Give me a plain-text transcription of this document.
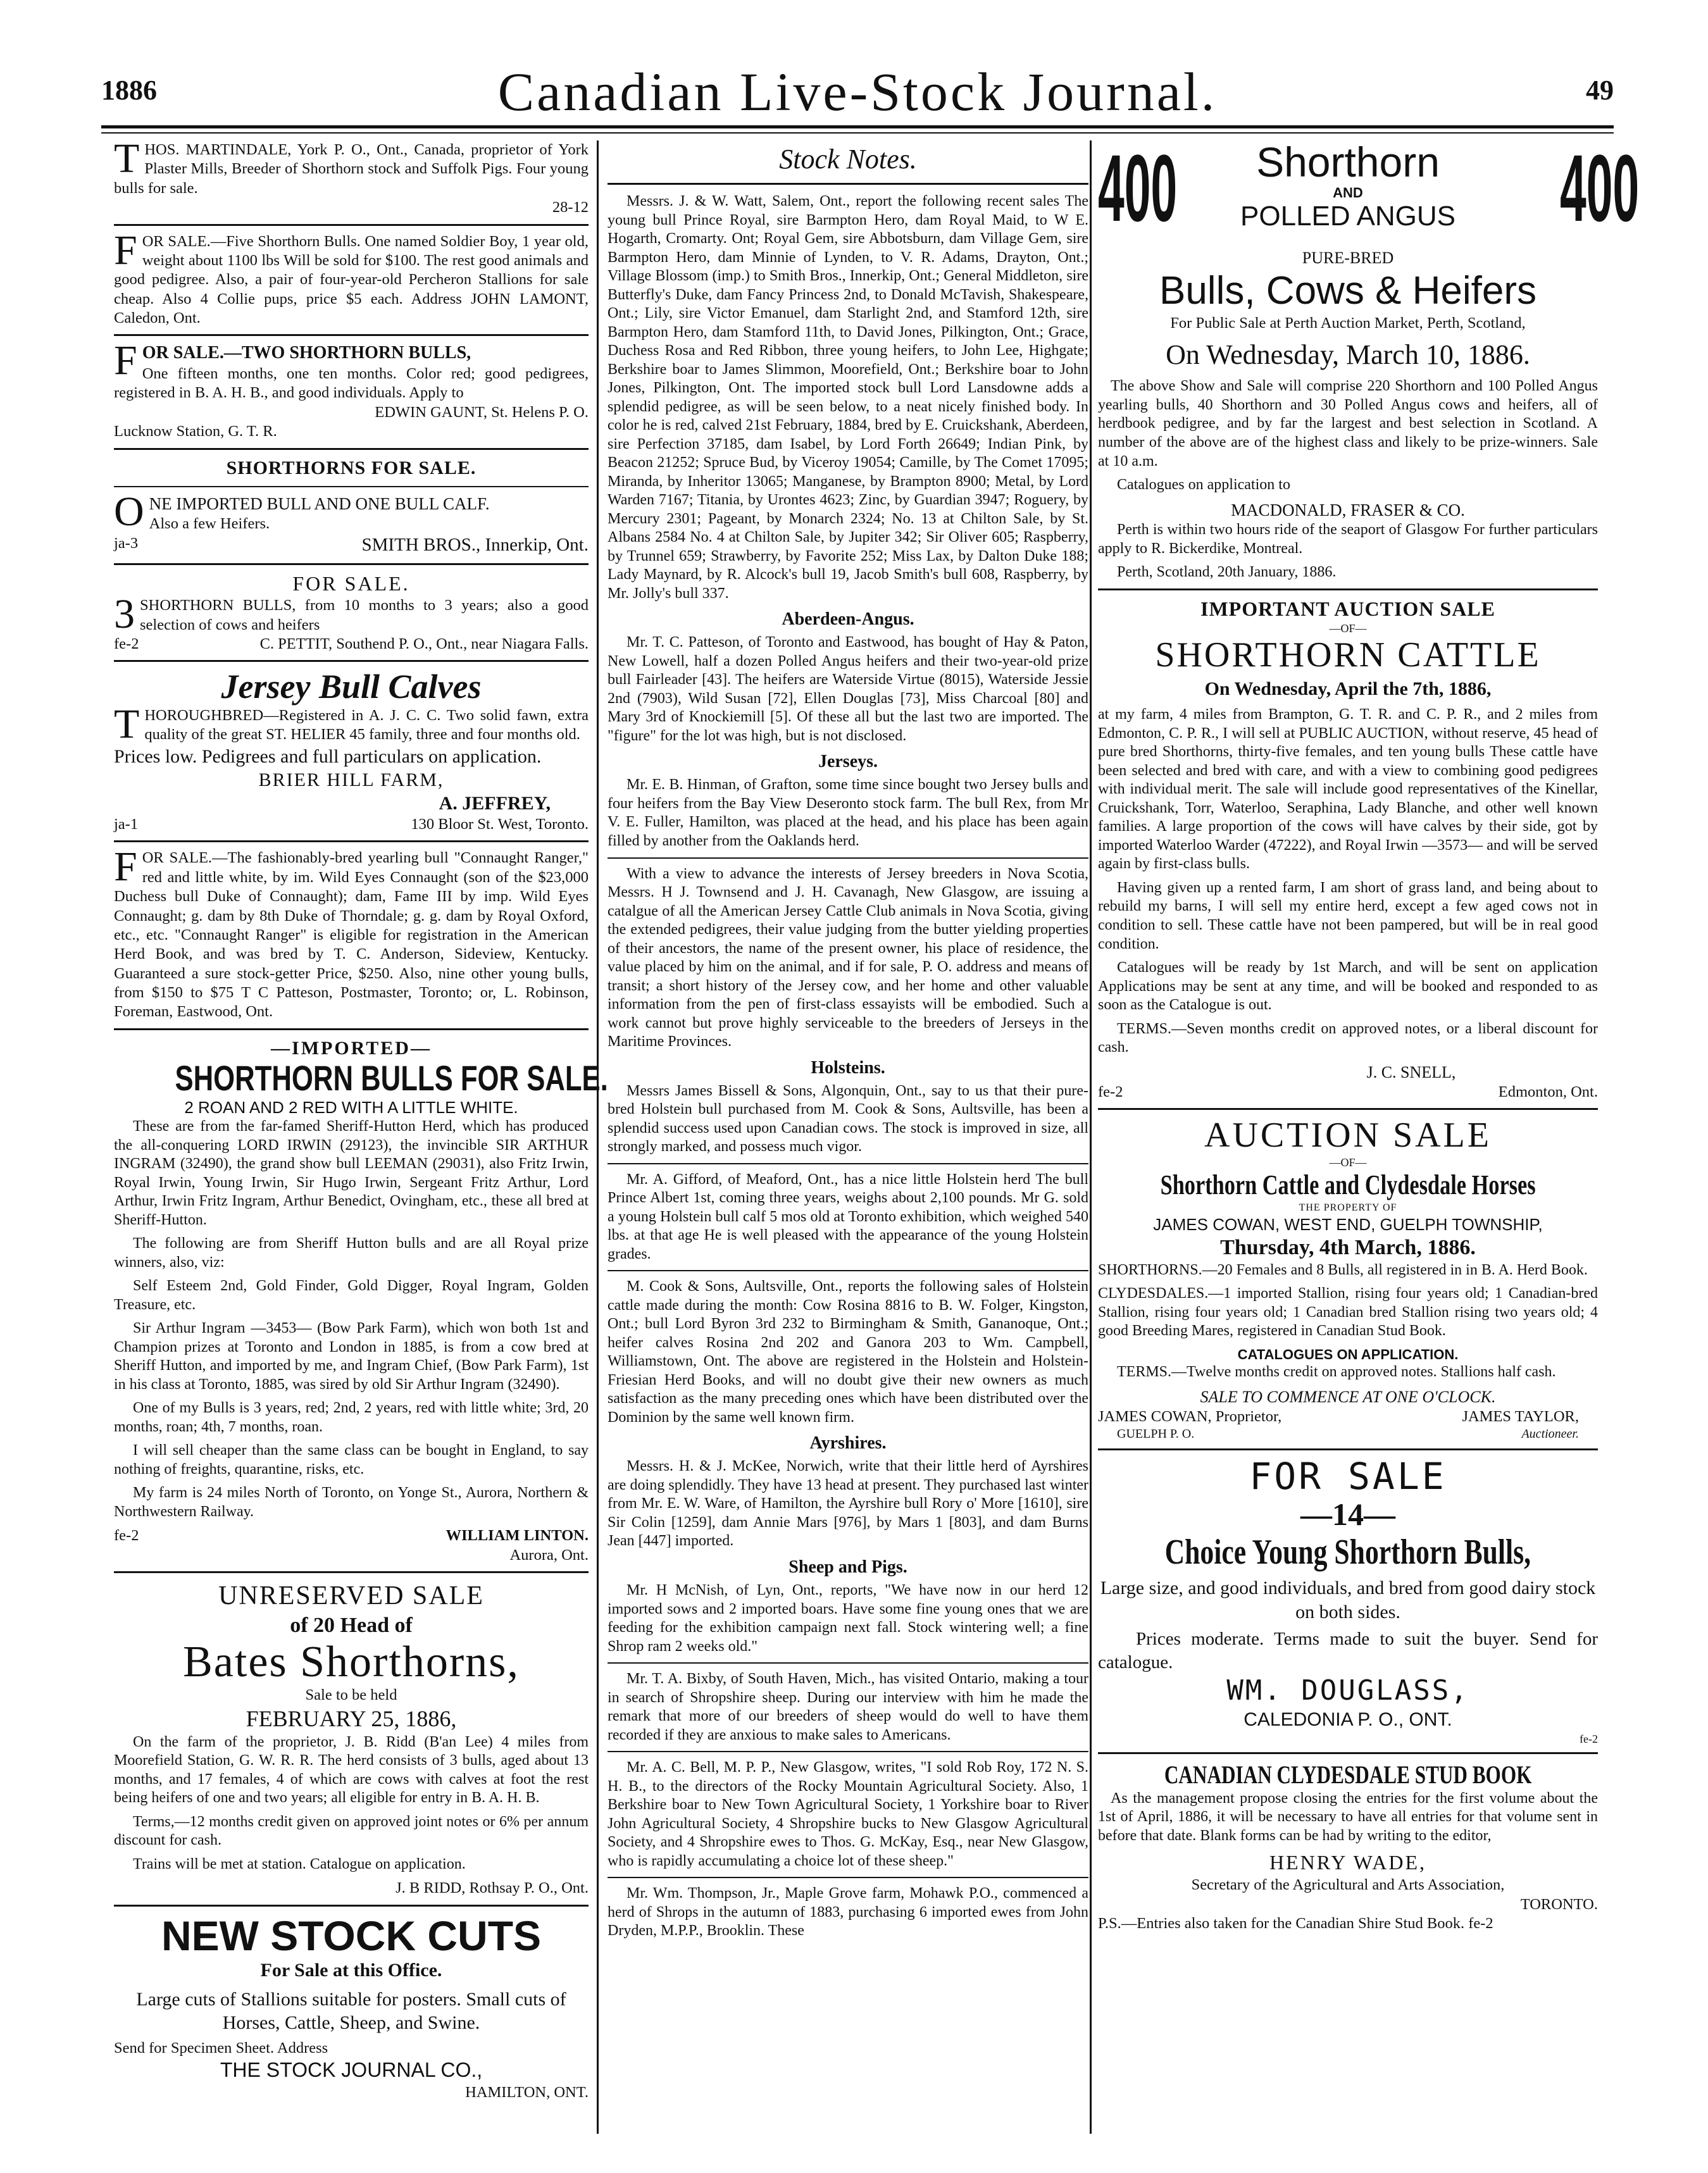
1886	Canadian Live-Stock Journal.	49
THOS. MARTINDALE, York P. O., Ont., Canada, proprietor of York Plaster Mills, Breeder of Shorthorn stock and Suffolk Pigs. Four young bulls for sale.
28-12
FOR SALE.—Five Shorthorn Bulls. One named Soldier Boy, 1 year old, weight about 1100 lbs Will be sold for $100. The rest good animals and good pedigree. Also, a pair of four-year-old Percheron Stallions for sale cheap. Also 4 Collie pups, price $5 each. Address JOHN LAMONT, Caledon, Ont.
FOR SALE.—TWO SHORTHORN BULLS,
One fifteen months, one ten months. Color red; good pedigrees, registered in B. A. H. B., and good individuals. Apply to
EDWIN GAUNT, St. Helens P. O.
Lucknow Station, G. T. R.
SHORTHORNS FOR SALE.
O NE IMPORTED BULL AND ONE BULL CALF.
Also a few Heifers.
ja-3	SMITH BROS., Innerkip, Ont.
FOR SALE.
3 SHORTHORN BULLS, from 10 months to 3 years; also a good selection of cows and heifers
fe-2	C. PETTIT, Southend P. O., Ont., near Niagara Falls.
Jersey Bull Calves
T HOROUGHBRED—Registered in A. J. C. C. Two solid fawn, extra quality of the great ST. HELIER 45 family, three and four months old.
Prices low. Pedigrees and full particulars on application.
BRIER HILL FARM,
A. JEFFREY,
ja-1	130 Bloor St. West, Toronto.
FOR SALE.—The fashionably-bred yearling bull "Connaught Ranger," red and little white, by im. Wild Eyes Connaught (son of the $23,000 Duchess bull Duke of Connaught); dam, Fame III by imp. Wild Eyes Connaught; g. dam by 8th Duke of Thorndale; g. g. dam by Royal Oxford, etc., etc. "Connaught Ranger" is eligible for registration in the American Herd Book, and was bred by T. C. Anderson, Sideview, Kentucky. Guaranteed a sure stock-getter Price, $250. Also, nine other young bulls, from $150 to $75 T C Patteson, Postmaster, Toronto; or, L. Robinson, Foreman, Eastwood, Ont.
—IMPORTED—
SHORTHORN BULLS FOR SALE.
2 ROAN AND 2 RED WITH A LITTLE WHITE.
These are from the far-famed Sheriff-Hutton Herd, which has produced the all-conquering LORD IRWIN (29123), the invincible SIR ARTHUR INGRAM (32490), the grand show bull LEEMAN (29031), also Fritz Irwin, Royal Irwin, Young Irwin, Sir Hugo Irwin, Sergeant Fritz Arthur, Lord Arthur, Irwin Fritz Ingram, Arthur Benedict, Ovingham, etc., these all bred at Sheriff-Hutton.
The following are from Sheriff Hutton bulls and are all Royal prize winners, also, viz:
Self Esteem 2nd, Gold Finder, Gold Digger, Royal Ingram, Golden Treasure, etc.
Sir Arthur Ingram —3453— (Bow Park Farm), which won both 1st and Champion prizes at Toronto and London in 1885, is from a cow bred at Sheriff Hutton, and imported by me, and Ingram Chief, (Bow Park Farm), 1st in his class at Toronto, 1885, was sired by old Sir Arthur Ingram (32490).
One of my Bulls is 3 years, red; 2nd, 2 years, red with little white; 3rd, 20 months, roan; 4th, 7 months, roan.
I will sell cheaper than the same class can be bought in England, to say nothing of freights, quarantine, risks, etc.
My farm is 24 miles North of Toronto, on Yonge St., Aurora, Northern & Northwestern Railway.
fe-2	WILLIAM LINTON.
Aurora, Ont.
UNRESERVED SALE
of 20 Head of
Bates Shorthorns,
Sale to be held
FEBRUARY 25, 1886,
On the farm of the proprietor, J. B. Ridd (B'an Lee) 4 miles from Moorefield Station, G. W. R. R. The herd consists of 3 bulls, aged about 13 months, and 17 females, 4 of which are cows with calves at foot the rest being heifers of one and two years; all eligible for entry in B. A. H. B.
Terms,—12 months credit given on approved joint notes or 6% per annum discount for cash.
Trains will be met at station. Catalogue on application.
J. B RIDD, Rothsay P. O., Ont.
NEW STOCK CUTS
For Sale at this Office.
Large cuts of Stallions suitable for posters. Small cuts of Horses, Cattle, Sheep, and Swine.
Send for Specimen Sheet. Address
THE STOCK JOURNAL CO.,
HAMILTON, ONT.
Stock Notes.
Messrs. J. & W. Watt, Salem, Ont., report the following recent sales The young bull Prince Royal, sire Barmpton Hero, dam Royal Maid, to W E. Hogarth, Cromarty. Ont; Royal Gem, sire Abbotsburn, dam Village Gem, sire Barmpton Hero, dam Minnie of Lynden, to V. R. Adams, Drayton, Ont.; Village Blossom (imp.) to Smith Bros., Innerkip, Ont.; General Middleton, sire Butterfly's Duke, dam Fancy Princess 2nd, to Donald McTavish, Shakespeare, Ont.; Lily, sire Victor Emanuel, dam Starlight 2nd, and Stamford 12th, sire Barmpton Hero, dam Stamford 11th, to David Jones, Pilkington, Ont.; Grace, Duchess Rosa and Red Ribbon, three young heifers, to John Lee, Highgate; Berkshire boar to James Slimmon, Moorefield, Ont.; Berkshire boar to John Jones, Pilkington, Ont. The imported stock bull Lord Lansdowne adds a splendid pedigree, as will be seen below, to a neat nicely finished body. In color he is red, calved 21st February, 1884, bred by E. Cruickshank, Aberdeen, sire Perfection 37185, dam Isabel, by Lord Forth 26649; Indian Pink, by Beacon 21252; Spruce Bud, by Viceroy 19054; Camille, by The Comet 17095; Miranda, by Inheritor 13065; Manganese, by Brampton 8900; Metal, by Lord Warden 7167; Titania, by Urontes 4623; Zinc, by Guardian 3947; Roguery, by Mercury 2301; Pageant, by Monarch 2324; No. 13 at Chilton Sale, by St. Albans 2584 No. 4 at Chilton Sale, by Jupiter 342; Sir Oliver 605; Raspberry, by Trunnel 659; Strawberry, by Favorite 252; Miss Lax, by Dalton Duke 188; Lady Maynard, by R. Alcock's bull 19, Jacob Smith's bull 608, Raspberry, by Mr. Jolly's bull 337.
Aberdeen-Angus.
Mr. T. C. Patteson, of Toronto and Eastwood, has bought of Hay & Paton, New Lowell, half a dozen Polled Angus heifers and their two-year-old prize bull Fairleader [43]. The heifers are Waterside Virtue (8015), Waterside Jessie 2nd (7903), Wild Susan [72], Ellen Douglas [73], Miss Charcoal [80] and Mary 3rd of Knockiemill [5]. Of these all but the last two are imported. The "figure" for the lot was high, but is not disclosed.
Jerseys.
Mr. E. B. Hinman, of Grafton, some time since bought two Jersey bulls and four heifers from the Bay View Deseronto stock farm. The bull Rex, from Mr V. E. Fuller, Hamilton, was placed at the head, and his place has been again filled by another from the Oaklands herd.
With a view to advance the interests of Jersey breeders in Nova Scotia, Messrs. H J. Townsend and J. H. Cavanagh, New Glasgow, are issuing a catalgue of all the American Jersey Cattle Club animals in Nova Scotia, giving the extended pedigrees, their value judging from the butter yielding properties of their ancestors, the name of the present owner, his place of residence, the value placed by him on the animal, and if for sale, P. O. address and means of transit; a short history of the Jersey cow, and her home and other valuable information from the pen of first-class essayists will be embodied. Such a work cannot but prove highly serviceable to the breeders of Jerseys in the Maritime Provinces.
Holsteins.
Messrs James Bissell & Sons, Algonquin, Ont., say to us that their pure-bred Holstein bull purchased from M. Cook & Sons, Aultsville, has been a splendid success used upon Canadian cows. The stock is improved in size, all strongly marked, and possess much vigor.
Mr. A. Gifford, of Meaford, Ont., has a nice little Holstein herd The bull Prince Albert 1st, coming three years, weighs about 2,100 pounds. Mr G. sold a young Holstein bull calf 5 mos old at Toronto exhibition, which weighed 540 lbs. at that age He is well pleased with the appearance of the young Holstein grades.
M. Cook & Sons, Aultsville, Ont., reports the following sales of Holstein cattle made during the month: Cow Rosina 8816 to B. W. Folger, Kingston, Ont.; bull Lord Byron 3rd 232 to Birmingham & Smith, Gananoque, Ont.; heifer calves Rosina 2nd 202 and Ganora 203 to Wm. Campbell, Williamstown, Ont. The above are registered in the Holstein and Holstein-Friesian Herd Books, and will no doubt give their new owners as much satisfaction as the many preceding ones which have been distributed over the Dominion by the same well known firm.
Ayrshires.
Messrs. H. & J. McKee, Norwich, write that their little herd of Ayrshires are doing splendidly. They have 13 head at present. They purchased last winter from Mr. E. W. Ware, of Hamilton, the Ayrshire bull Rory o' More [1610], sire Sir Colin [1259], dam Annie Mars [976], by Mars 1 [803], and dam Burns Jean [447] imported.
Sheep and Pigs.
Mr. H McNish, of Lyn, Ont., reports, "We have now in our herd 12 imported sows and 2 imported boars. Have some fine young ones that we are feeding for the exhibition campaign next fall. Stock wintering well; a fine Shrop ram 2 weeks old."
Mr. T. A. Bixby, of South Haven, Mich., has visited Ontario, making a tour in search of Shropshire sheep. During our interview with him he made the remark that more of our breeders of sheep would do well to have them recorded if they are anxious to make sales to Americans.
Mr. A. C. Bell, M. P. P., New Glasgow, writes, "I sold Rob Roy, 172 N. S. H. B., to the directors of the Rocky Mountain Agricultural Society. Also, 1 Berkshire boar to New Town Agricultural Society, 1 Yorkshire boar to River John Agricultural Society, 4 Shropshire bucks to New Glasgow Agricultural Society, and 4 Shropshire ewes to Thos. G. McKay, Esq., near New Glasgow, who is rapidly accumulating a choice lot of these sheep."
Mr. Wm. Thompson, Jr., Maple Grove farm, Mohawk P.O., commenced a herd of Shrops in the autumn of 1883, purchasing 6 imported ewes from John Dryden, M.P.P., Brooklin. These
400	Shorthorn
AND
POLLED ANGUS	400
PURE-BRED
Bulls, Cows & Heifers
For Public Sale at Perth Auction Market, Perth, Scotland,
On Wednesday, March 10, 1886.
The above Show and Sale will comprise 220 Shorthorn and 100 Polled Angus yearling bulls, 40 Shorthorn and 30 Polled Angus cows and heifers, all of herdbook pedigree, and by far the largest and best selection in Scotland. A number of the above are of the highest class and likely to be prize-winners. Sale at 10 a.m.
Catalogues on application to
MACDONALD, FRASER & CO.
Perth is within two hours ride of the seaport of Glasgow For further particulars apply to R. Bickerdike, Montreal.
Perth, Scotland, 20th January, 1886.
IMPORTANT AUCTION SALE
—OF—
SHORTHORN CATTLE
On Wednesday, April the 7th, 1886,
at my farm, 4 miles from Brampton, G. T. R. and C. P. R., and 2 miles from Edmonton, C. P. R., I will sell at PUBLIC AUCTION, without reserve, 45 head of pure bred Shorthorns, thirty-five females, and ten young bulls These cattle have been selected and bred with care, and with a view to combining good pedigrees with individual merit. The sale will include good representatives of the Kinellar, Cruickshank, Torr, Waterloo, Seraphina, Lady Blanche, and other well known families. A large proportion of the cows will have calves by their side, got by imported Waterloo Warder (47222), and Royal Irwin —3573— and will be served again by first-class bulls.
Having given up a rented farm, I am short of grass land, and being about to rebuild my barns, I will sell my entire herd, except a few aged cows not in condition to sell. These cattle have not been pampered, but will be in real good condition.
Catalogues will be ready by 1st March, and will be sent on application Applications may be sent at any time, and will be booked and responded to as soon as the Catalogue is out.
TERMS.—Seven months credit on approved notes, or a liberal discount for cash.
J. C. SNELL,
fe-2	Edmonton, Ont.
AUCTION SALE
—OF—
Shorthorn Cattle and Clydesdale Horses
THE PROPERTY OF
JAMES COWAN, WEST END, GUELPH TOWNSHIP,
Thursday, 4th March, 1886.
SHORTHORNS.—20 Females and 8 Bulls, all registered in in B. A. Herd Book.
CLYDESDALES.—1 imported Stallion, rising four years old; 1 Canadian-bred Stallion, rising four years old; 1 Canadian bred Stallion rising two years old; 4 good Breeding Mares, registered in Canadian Stud Book.
CATALOGUES ON APPLICATION.
TERMS.—Twelve months credit on approved notes. Stallions half cash.
SALE TO COMMENCE AT ONE O'CLOCK.
JAMES COWAN, Proprietor,	JAMES TAYLOR,
GUELPH P. O.	Auctioneer.
FOR SALE
—14—
Choice Young Shorthorn Bulls,
Large size, and good individuals, and bred from good dairy stock on both sides.
Prices moderate. Terms made to suit the buyer. Send for catalogue.
WM. DOUGLASS,
CALEDONIA P. O., ONT.
fe-2
CANADIAN CLYDESDALE STUD BOOK
As the management propose closing the entries for the first volume about the 1st of April, 1886, it will be necessary to have all entries for that volume sent in before that date. Blank forms can be had by writing to the editor,
HENRY WADE,
Secretary of the Agricultural and Arts Association,
TORONTO.
P.S.—Entries also taken for the Canadian Shire Stud Book. fe-2
